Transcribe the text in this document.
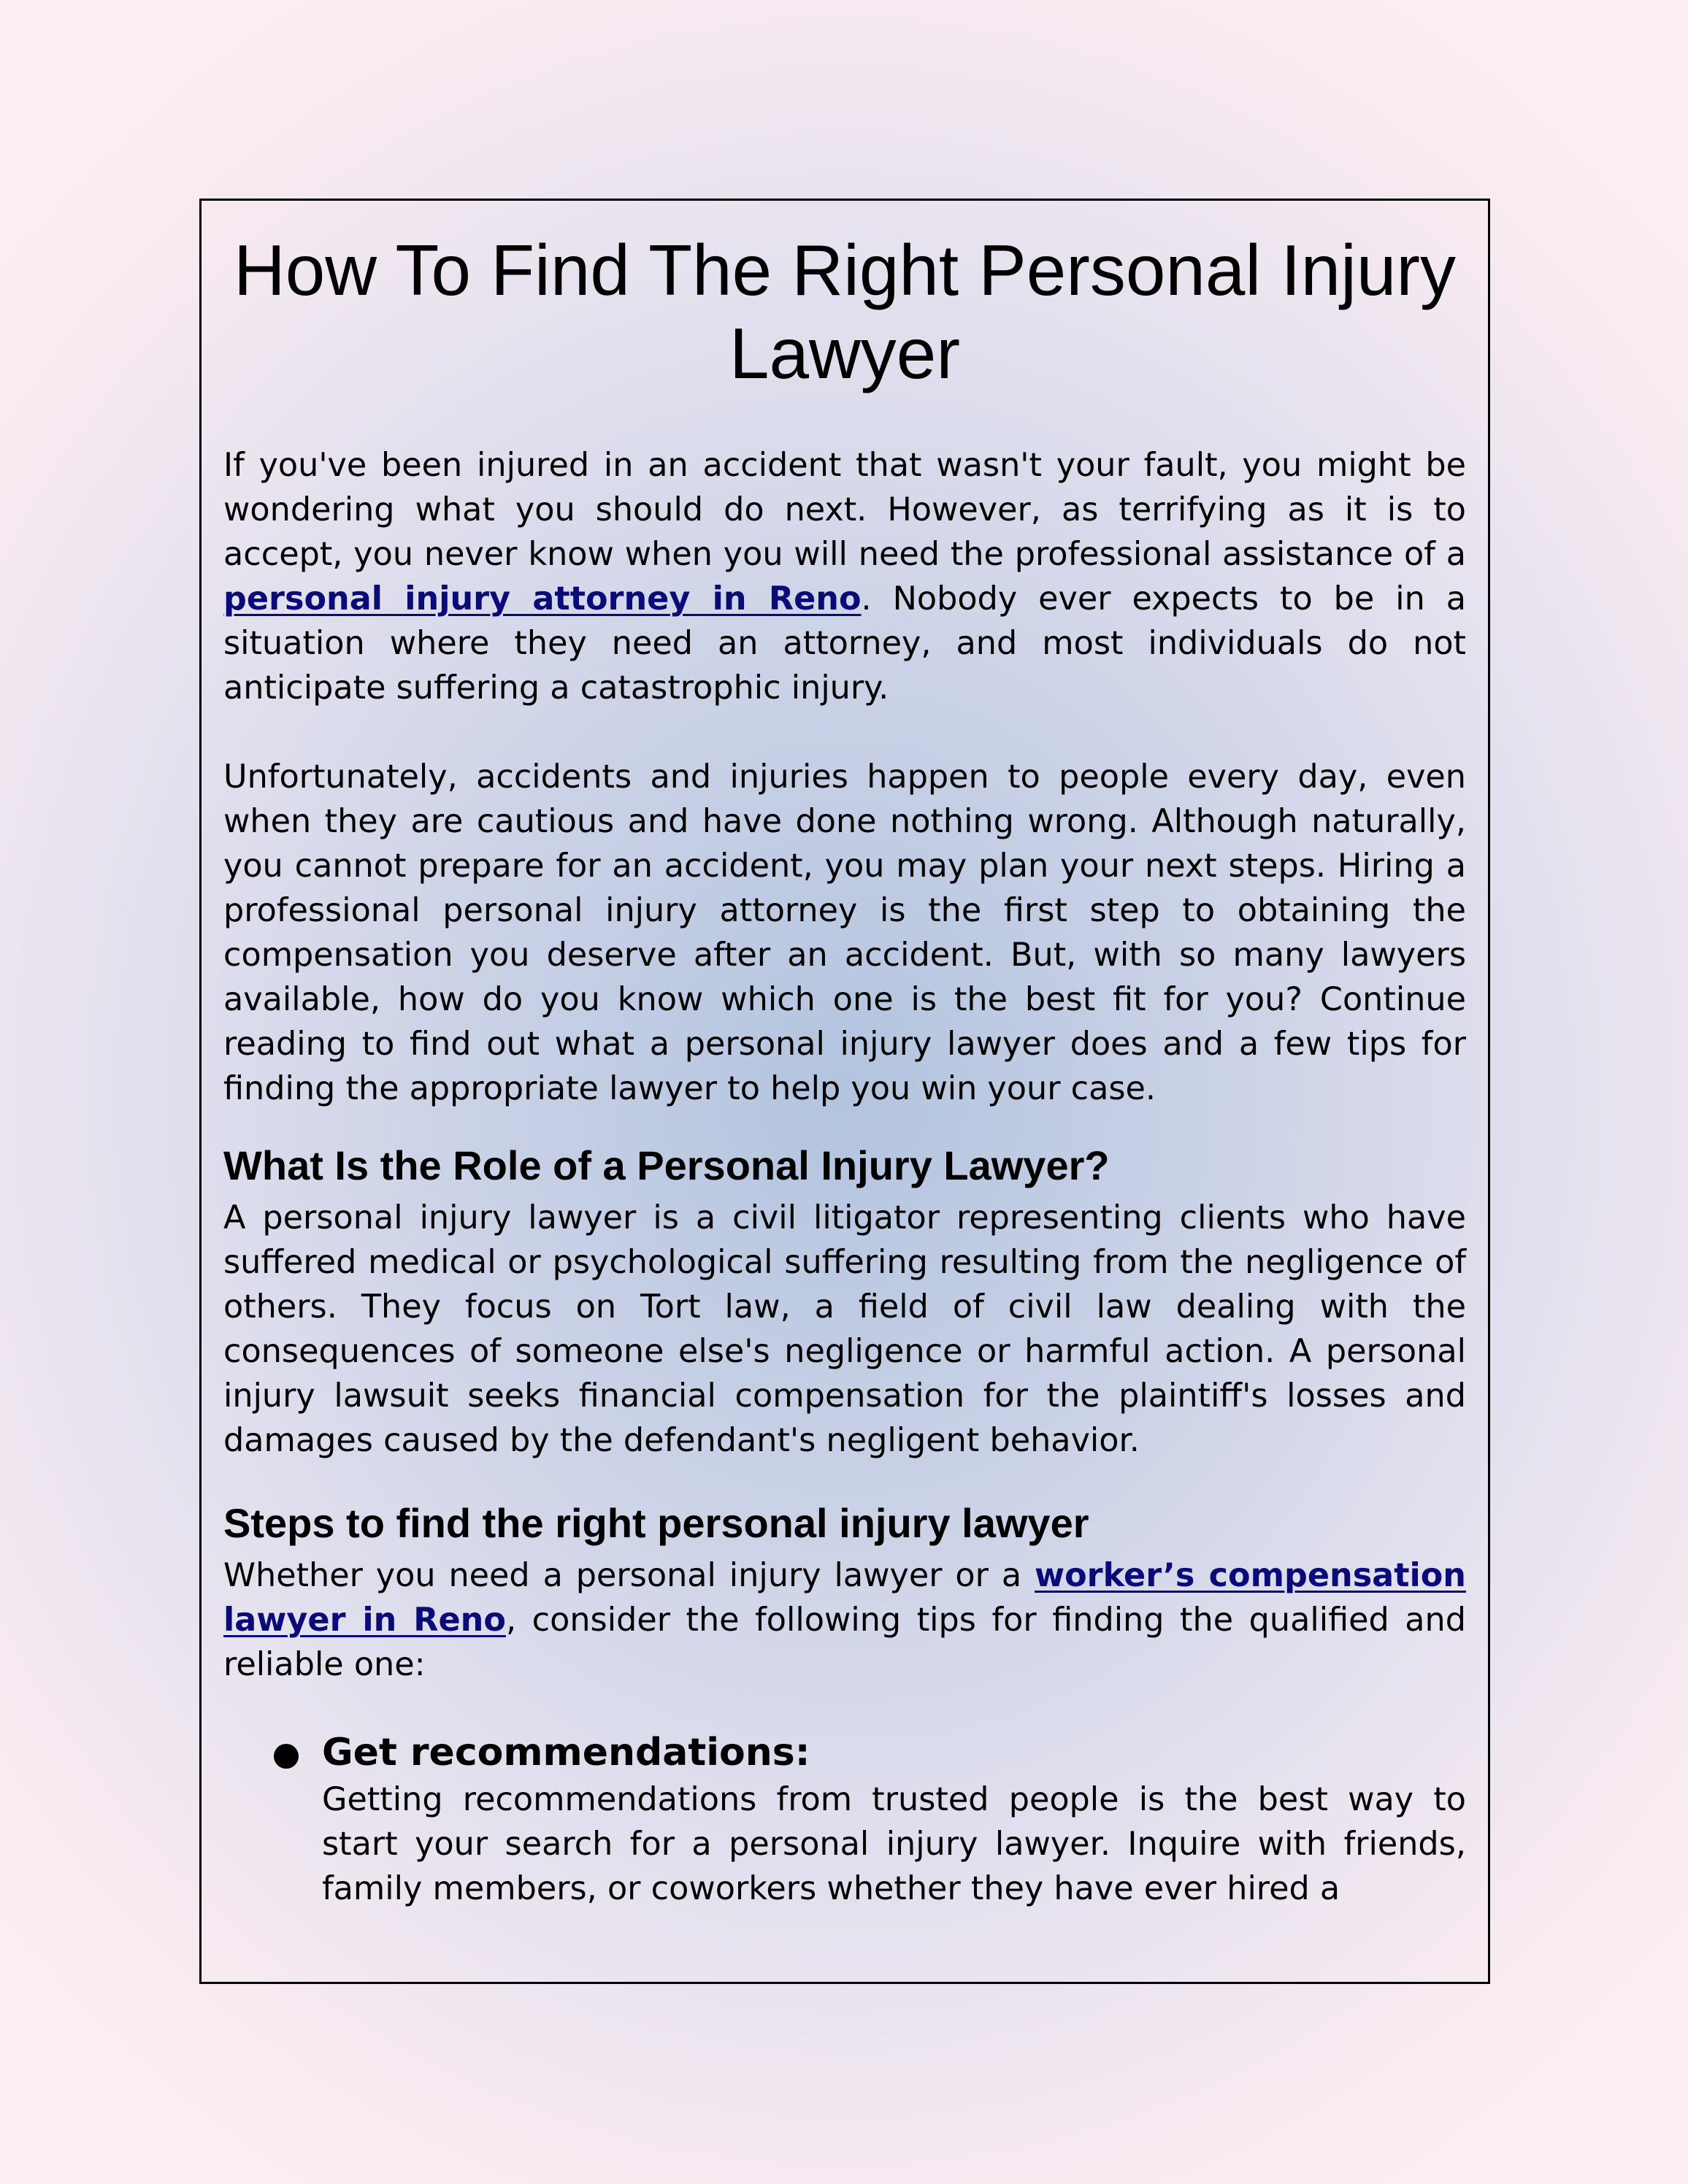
How To Find The Right Personal Injury Lawyer

If you've been injured in an accident that wasn't your fault, you might be wondering what you should do next. However, as terrifying as it is to accept, you never know when you will need the professional assistance of a personal injury attorney in Reno. Nobody ever expects to be in a situation where they need an attorney, and most individuals do not anticipate suffering a catastrophic injury.

Unfortunately, accidents and injuries happen to people every day, even when they are cautious and have done nothing wrong. Although naturally, you cannot prepare for an accident, you may plan your next steps. Hiring a professional personal injury attorney is the first step to obtaining the compensation you deserve after an accident. But, with so many lawyers available, how do you know which one is the best fit for you? Continue reading to find out what a personal injury lawyer does and a few tips for finding the appropriate lawyer to help you win your case.

What Is the Role of a Personal Injury Lawyer?

A personal injury lawyer is a civil litigator representing clients who have suffered medical or psychological suffering resulting from the negligence of others. They focus on Tort law, a field of civil law dealing with the consequences of someone else's negligence or harmful action. A personal injury lawsuit seeks financial compensation for the plaintiff's losses and damages caused by the defendant's negligent behavior.

Steps to find the right personal injury lawyer

Whether you need a personal injury lawyer or a worker’s compensation lawyer in Reno, consider the following tips for finding the qualified and reliable one:

Get recommendations:

Getting recommendations from trusted people is the best way to start your search for a personal injury lawyer. Inquire with friends, family members, or coworkers whether they have ever hired a
